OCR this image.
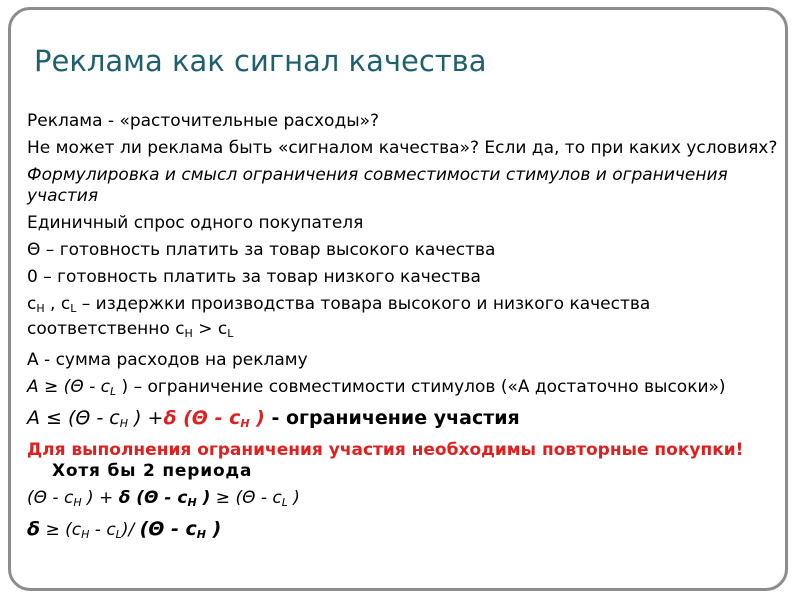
Реклама как сигнал качества

Реклама - «расточительные расходы»?

Не может ли реклама быть «сигналом качества»? Если да, то при каких условиях?

Формулировка и смысл ограничения совместимости стимулов и ограничения участия

Единичный спрос одного покупателя

Θ – готовность платить за товар высокого качества

0 – готовность платить за товар низкого качества

$c_H$ , $c_L$ – издержки производства товара высокого и низкого качества соответственно $c_H > c_L$

А - сумма расходов на рекламу

$A \ge (\Theta - c_L$ ) – ограничение совместимости стимулов («А достаточно высоки»)

$A \le (\Theta - c_H$ ) +δ ($\Theta - c_H$ ) - ограничение участия

Для выполнения ограничения участия необходимы повторные покупки!

Хотя бы 2 периода

($\Theta - c_H$ ) + δ ($\Theta - c_H$ ) ≥ ($\Theta - c_L$ )

$\delta \ge (c_H - c_L)/$ ($\Theta - c_H$ )
